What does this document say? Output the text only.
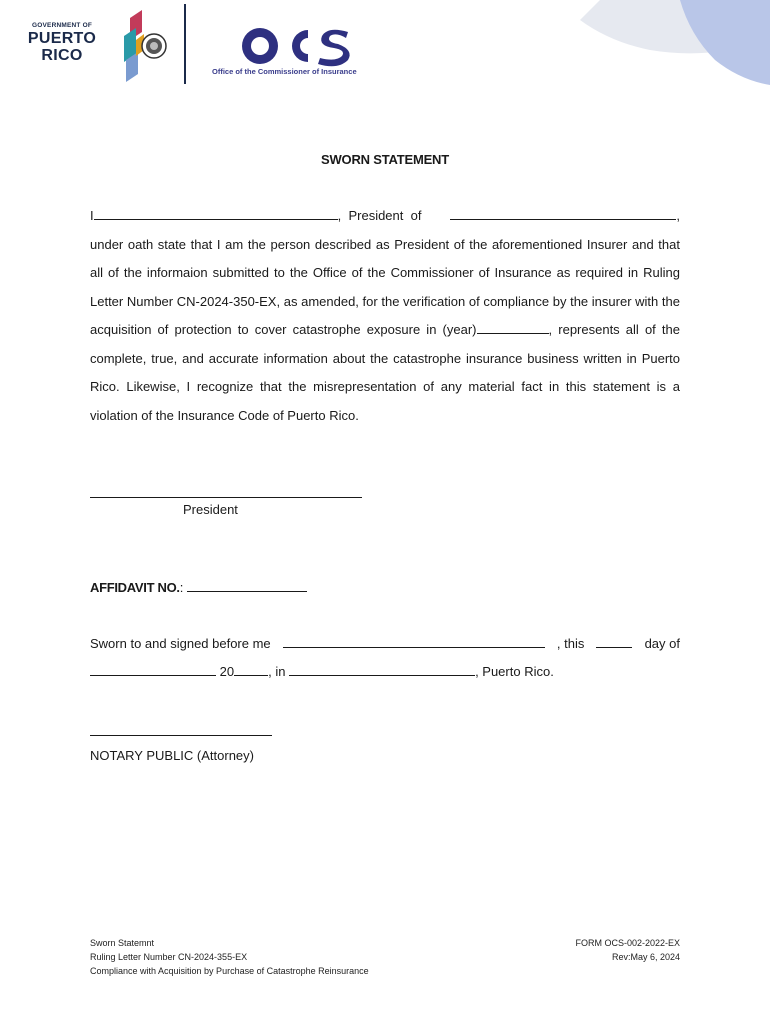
GOVERNMENT OF
PUERTO
RICO
Office of the Commissioner of Insurance
SWORN STATEMENT
I	,  President  of	,

under oath state that I am the person described as President of the aforementioned Insurer and that all of the informaion submitted to the Office of the Commissioner of Insurance as required in Ruling Letter Number CN-2024-350-EX, as amended, for the verification of compliance by the insurer with the acquisition of protection to cover catastrophe exposure in (year)	, represents all of the complete, true, and accurate information about the catastrophe insurance business written in Puerto Rico. Likewise, I recognize that the misrepresentation of any material fact in this statement is a violation of the Insurance Code of Puerto Rico.

President
AFFIDAVIT NO.:
Sworn to and signed before me	, this	day of
20	, in	, Puerto Rico.
NOTARY PUBLIC (Attorney)
Sworn Statemnt
Ruling Letter Number CN-2024-355-EX
Compliance with Acquisition by Purchase of Catastrophe Reinsurance
FORM OCS-002-2022-EX
Rev:May 6, 2024
